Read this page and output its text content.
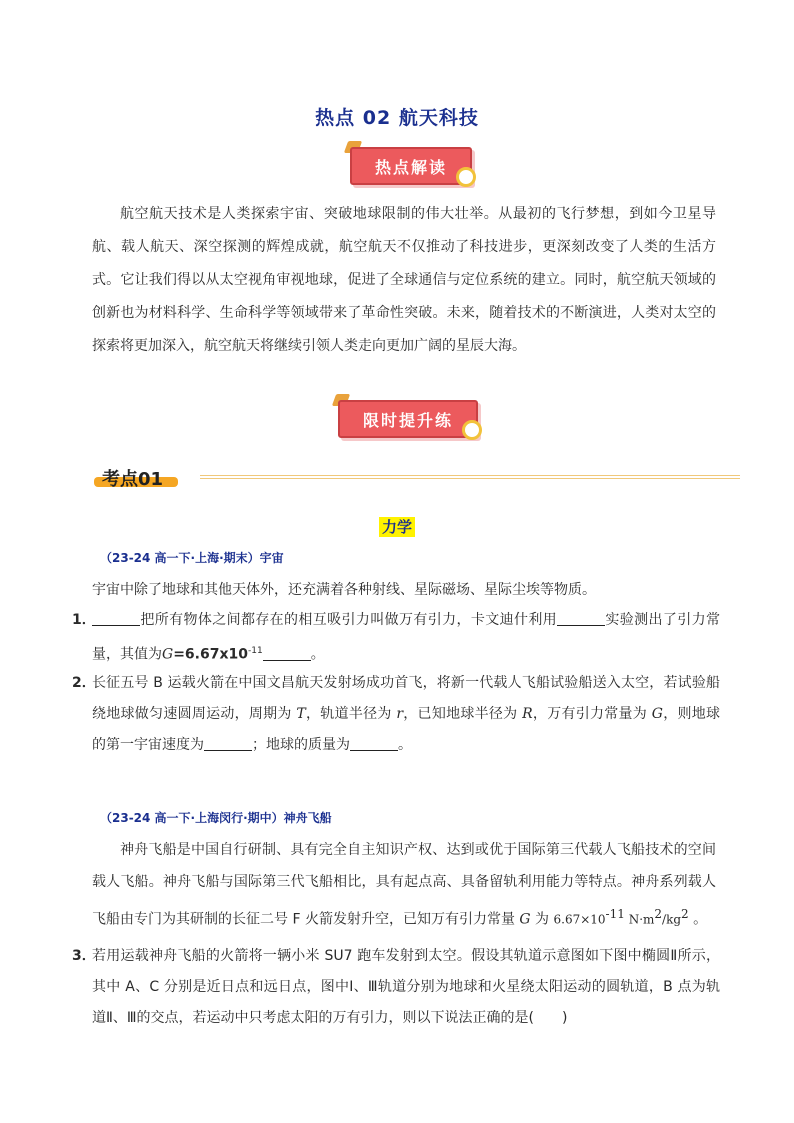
热点 02 航天科技
热点解读
航空航天技术是人类探索宇宙、突破地球限制的伟大壮举。从最初的飞行梦想，到如今卫星导航、载人航天、深空探测的辉煌成就，航空航天不仅推动了科技进步，更深刻改变了人类的生活方式。它让我们得以从太空视角审视地球，促进了全球通信与定位系统的建立。同时，航空航天领域的创新也为材料科学、生命科学等领域带来了革命性突破。未来，随着技术的不断演进，人类对太空的探索将更加深入，航空航天将继续引领人类走向更加广阔的星辰大海。
限时提升练
考点01
力学
（23-24 高一下·上海·期末）宇宙
宇宙中除了地球和其他天体外，还充满着各种射线、星际磁场、星际尘埃等物质。
1．	把所有物体之间都存在的相互吸引力叫做万有引力，卡文迪什利用	实验测出了引力常量，其值为$G=6.67x10^{-11}$	。
2．
长征五号 B 运载火箭在中国文昌航天发射场成功首飞，将新一代载人飞船试验船送入太空，若试验船绕地球做匀速圆周运动，周期为 T，轨道半径为 r，已知地球半径为 R，万有引力常量为 G，则地球的第一宇宙速度为	；地球的质量为	。
（23-24 高一下·上海闵行·期中）神舟飞船
神舟飞船是中国自行研制、具有完全自主知识产权、达到或优于国际第三代载人飞船技术的空间载人飞船。神舟飞船与国际第三代飞船相比，具有起点高、具备留轨利用能力等特点。神舟系列载人飞船由专门为其研制的长征二号 F 火箭发射升空，已知万有引力常量 G 为 $6.67\times 10^{-11}$ $N\cdot m^2/kg^2$ 。
3．
若用运载神舟飞船的火箭将一辆小米 SU7 跑车发射到太空。假设其轨道示意图如下图中椭圆Ⅱ所示，其中 A、C 分别是近日点和远日点，图中Ⅰ、Ⅲ轨道分别为地球和火星绕太阳运动的圆轨道，B 点为轨道Ⅱ、Ⅲ的交点，若运动中只考虑太阳的万有引力，则以下说法正确的是(　　)
